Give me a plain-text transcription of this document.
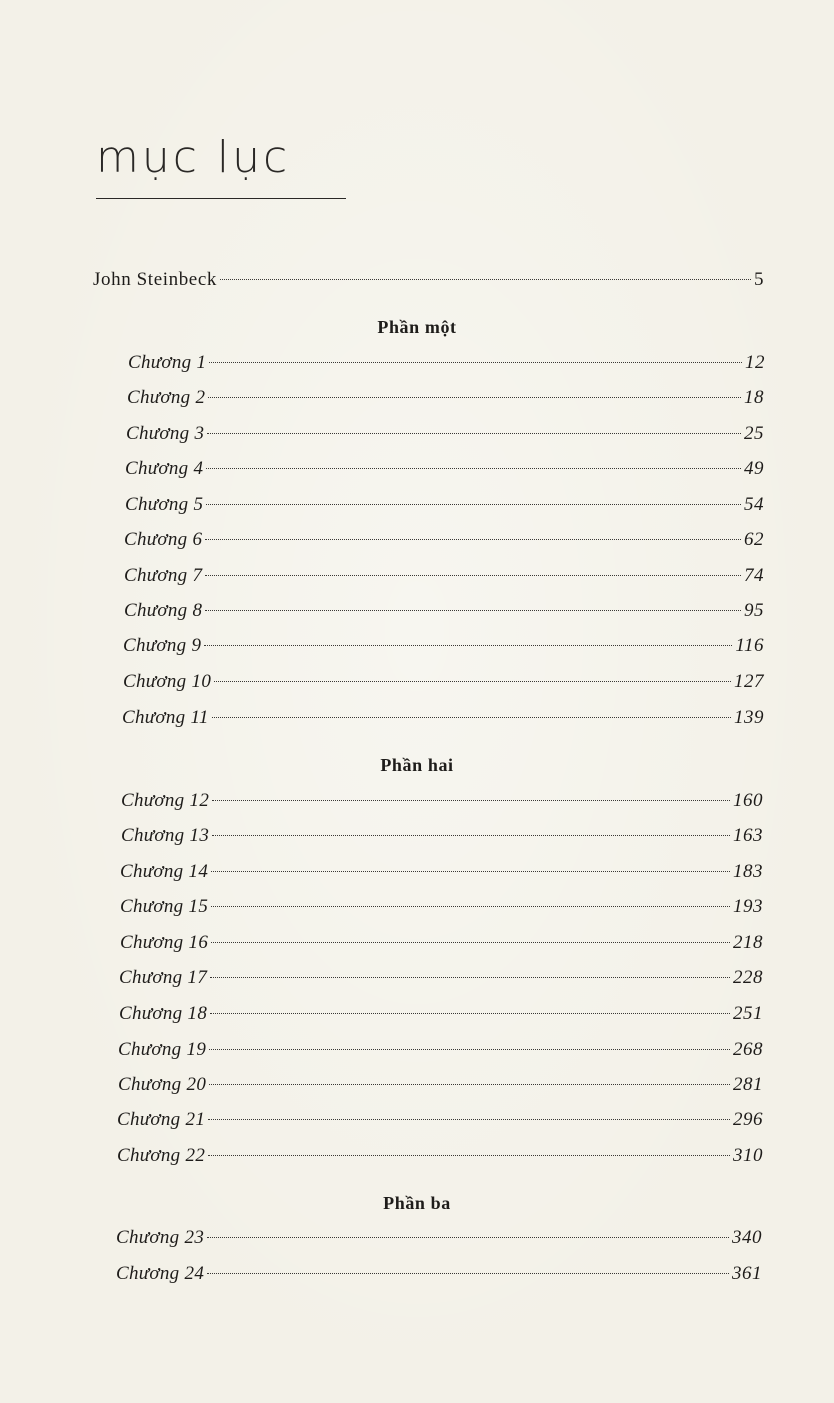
mục lục
John Steinbeck	5
Phần một
Chương 1	12
Chương 2	18
Chương 3	25
Chương 4	49
Chương 5	54
Chương 6	62
Chương 7	74
Chương 8	95
Chương 9	116
Chương 10	127
Chương 11	139
Phần hai
Chương 12	160
Chương 13	163
Chương 14	183
Chương 15	193
Chương 16	218
Chương 17	228
Chương 18	251
Chương 19	268
Chương 20	281
Chương 21	296
Chương 22	310
Phần ba
Chương 23	340
Chương 24	361
